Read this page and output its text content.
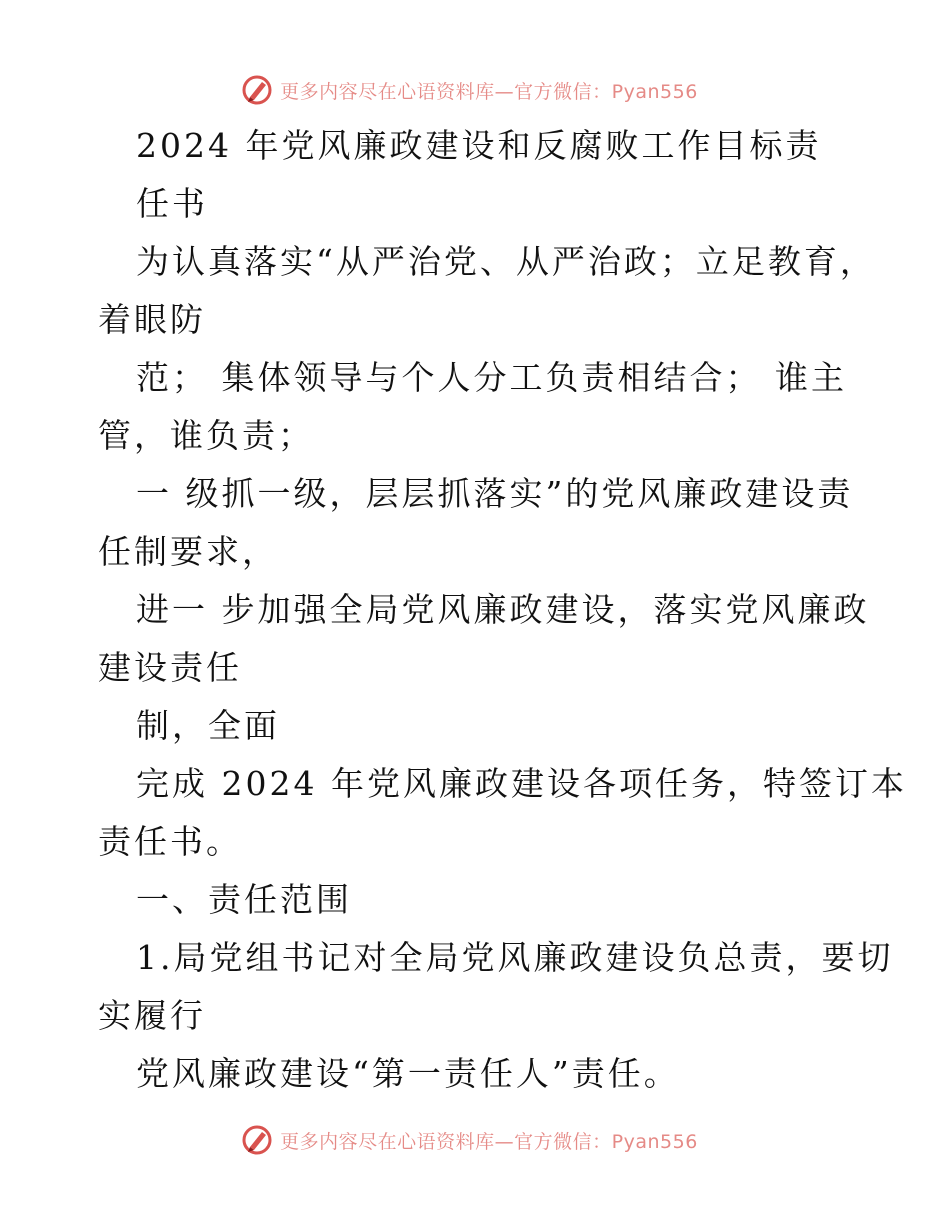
更多内容尽在心语资料库—官方微信：Pyan556
2024 年党风廉政建设和反腐败工作目标责
任书
为认真落实“从严治党、从严治政；立足教育，
着眼防
范； 集体领导与个人分工负责相结合； 谁主
管，谁负责；
一 级抓一级，层层抓落实”的党风廉政建设责
任制要求，
进一 步加强全局党风廉政建设，落实党风廉政
建设责任
制，全面
完成 2024 年党风廉政建设各项任务，特签订本
责任书。
一、责任范围
1.局党组书记对全局党风廉政建设负总责，要切
实履行
党风廉政建设“第一责任人”责任。
更多内容尽在心语资料库—官方微信：Pyan556
